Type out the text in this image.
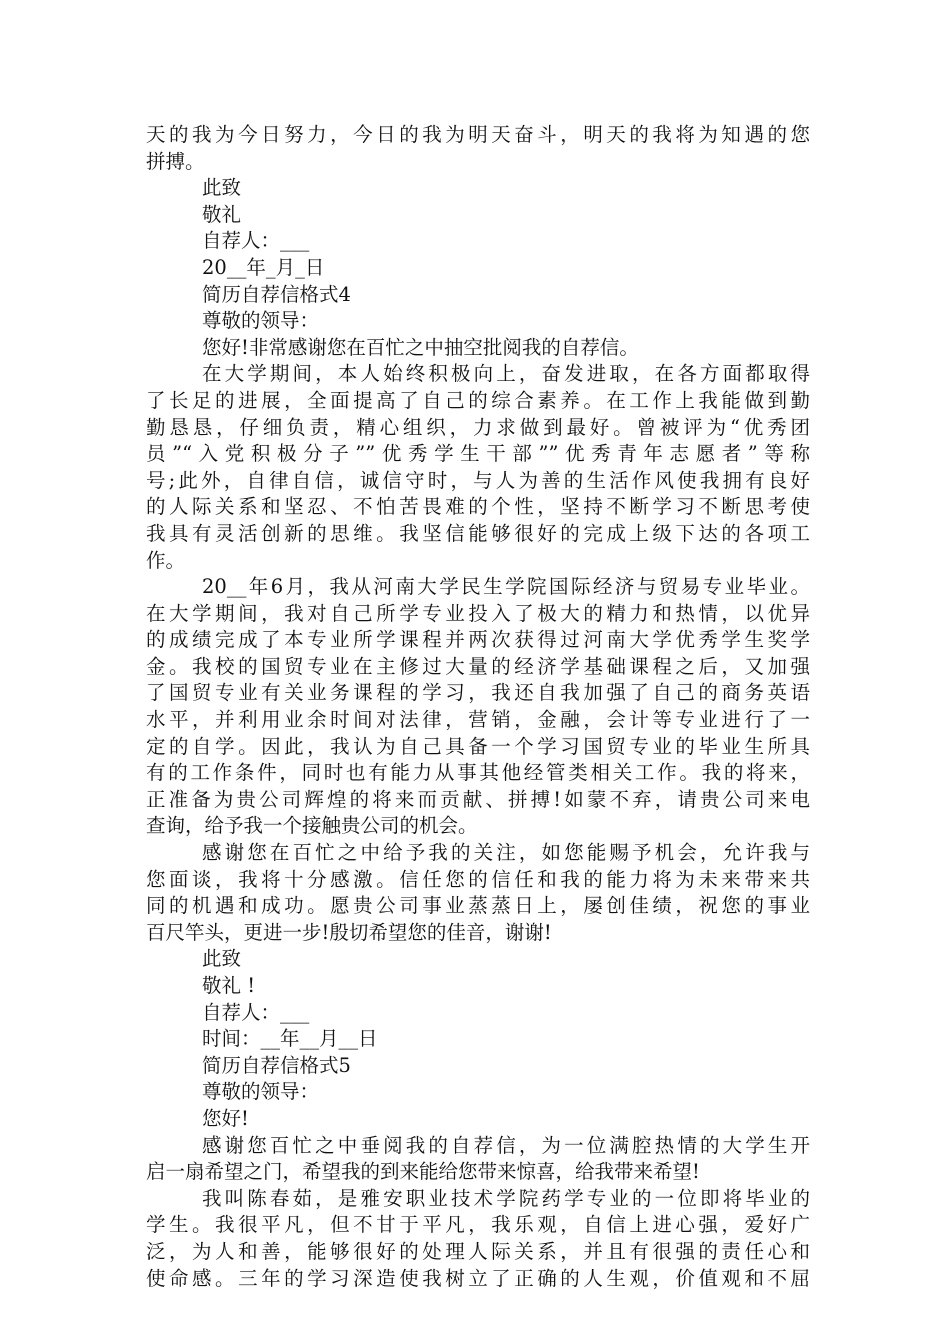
天的我为今日努力，今日的我为明天奋斗，明天的我将为知遇的您
拼搏。
此致
敬礼
自荐人：___
20__年_月_日
简历自荐信格式4
尊敬的领导：
您好!非常感谢您在百忙之中抽空批阅我的自荐信。
在大学期间，本人始终积极向上，奋发进取，在各方面都取得
了长足的进展，全面提高了自己的综合素养。在工作上我能做到勤
勤恳恳，仔细负责，精心组织，力求做到最好。曾被评为“优秀团
员”“入党积极分子””优秀学生干部””优秀青年志愿者”等称
号;此外，自律自信，诚信守时，与人为善的生活作风使我拥有良好
的人际关系和坚忍、不怕苦畏难的个性，坚持不断学习不断思考使
我具有灵活创新的思维。我坚信能够很好的完成上级下达的各项工
作。
20__年6月，我从河南大学民生学院国际经济与贸易专业毕业。
在大学期间，我对自己所学专业投入了极大的精力和热情，以优异
的成绩完成了本专业所学课程并两次获得过河南大学优秀学生奖学
金。我校的国贸专业在主修过大量的经济学基础课程之后，又加强
了国贸专业有关业务课程的学习，我还自我加强了自己的商务英语
水平，并利用业余时间对法律，营销，金融，会计等专业进行了一
定的自学。因此，我认为自己具备一个学习国贸专业的毕业生所具
有的工作条件，同时也有能力从事其他经管类相关工作。我的将来，
正准备为贵公司辉煌的将来而贡献、拼搏!如蒙不弃，请贵公司来电
查询，给予我一个接触贵公司的机会。
感谢您在百忙之中给予我的关注，如您能赐予机会，允许我与
您面谈，我将十分感激。信任您的信任和我的能力将为未来带来共
同的机遇和成功。愿贵公司事业蒸蒸日上，屡创佳绩，祝您的事业
百尺竿头，更进一步!殷切希望您的佳音，谢谢!
此致
敬礼 !
自荐人：___
时间：__年__月__日
简历自荐信格式5
尊敬的领导：
您好!
感谢您百忙之中垂阅我的自荐信，为一位满腔热情的大学生开
启一扇希望之门，希望我的到来能给您带来惊喜，给我带来希望!
我叫陈春茹，是雅安职业技术学院药学专业的一位即将毕业的
学生。我很平凡，但不甘于平凡，我乐观，自信上进心强，爱好广
泛，为人和善，能够很好的处理人际关系，并且有很强的责任心和
使命感。三年的学习深造使我树立了正确的人生观，价值观和不屈
